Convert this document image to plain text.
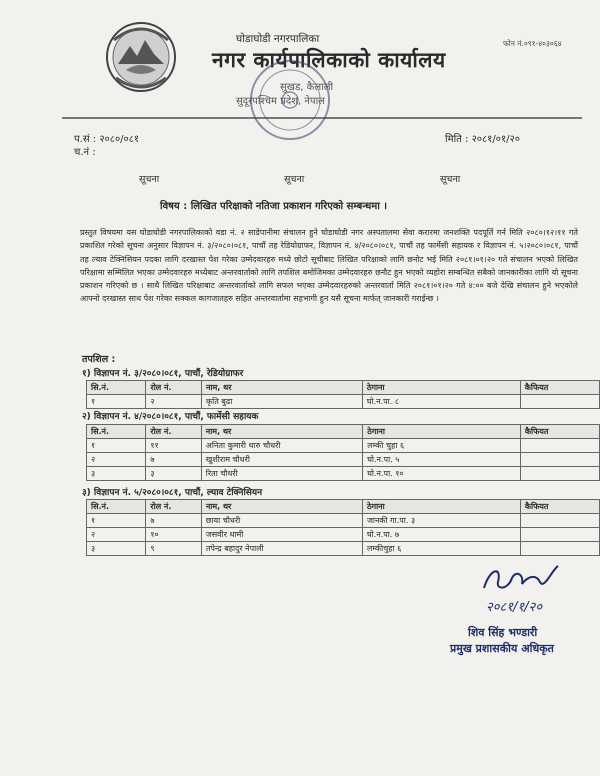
घोडाघोडी नगरपालिका
नगर कार्यपालिकाको कार्यालय
सुखड, कैलाली
सुदूरपश्चिम प्रदेश, नेपाल
फोन नं.०९१-४०३०६४
प.सं : २०८०/०८१
च.नं :
मिति : २०८१/०१/२०
सूचना	सूचना	सूचना
विषय : लिखित परिक्षाको नतिजा प्रकाशन गरिएको सम्बन्धमा ।
प्रस्तुत विषयमा यस घोडाघोडी नगरपालिकाको वडा नं. २ साडेपानीमा संचालन हुने घोडाघोडी नगर अस्पतालमा सेवा करारमा जनशक्ति पदपूर्ति गर्न मिति २०८०।१२।११ गते प्रकाशित गरेको सूचना अनुसार विज्ञापन नं. ३/२०८०।०८१, पाचौं तह रेडियोग्राफर, विज्ञापन नं. ४/२०८०।०८१, पाचौं तह फार्मेसी सहायक र विज्ञापन नं. ५।२०८०।०८१, पाचौं तह ल्याव टेक्निसियन पदका लागि दरखास्त पेश गरेका उम्मेदवारहरु मध्ये छोटो सूचीबाट लिखित परिक्षाको लागि छनोट भई मिति २०८१।०१।२० गते संचालन भएको लिखित परिक्षामा सम्मिलित भएका उम्मेदवारहरु मध्येबाट अन्तरवार्ताको लागि तपशिल बमोजिमका उम्मेदवारहरु छनौट हुन भएको व्यहोरा सम्बन्धित सबैको जानकारीका लागि यो सूचना प्रकाशन गरिएको छ । साथै लिखित परिक्षाबाट अन्तरवार्ताको लागि सफल भएका उम्मेदवारहरुको अन्तरवार्ता मिति २०८१।०१।२० गते ४:०० बजे देखि संचालन हुने भएकोले आफ्नो दरखास्त साथ पेश गरेका सक्कल कागजातहरु सहित अन्तरवार्तामा सहभागी हुन यसै सूचना मार्फत् जानकारी गराईन्छ ।
तपशिल :
१) विज्ञापन नं. ३/२०८०।०८१, पाचौं, रेडियोग्राफर
सि.नं.	रोल नं.	नाम, थर	ठेगाना	कैफियत
१	२	कृति बुढा	घो.न.पा. ८	
२) विज्ञापन नं. ४/२०८०।०८१, पाचौं, फार्मेसी सहायक
सि.नं.	रोल नं.	नाम, थर	ठेगाना	कैफियत
१	११	अनिता कुमारी थारु चौधरी	लम्की चुहा ६	
२	७	खुशीराम चौधरी	घो.न.पा. ५	
३	३	रिता चौधरी	घो.न.पा. १०	
३) विज्ञापन नं. ५/२०८०।०८१, पाचौं, ल्याव टेक्निसियन
सि.नं.	रोल नं.	नाम, थर	ठेगाना	कैफियत
१	७	छाया चौधरी	जानकी गा.पा. ३	
२	१०	जसवीर धामी	घो.न.पा. ७	
३	९	तपेन्द्र बहादुर नेपाली	लम्कीचुहा ६	
२०८१/१/२०
शिव सिंह भण्डारी
प्रमुख प्रशासकीय अधिकृत
